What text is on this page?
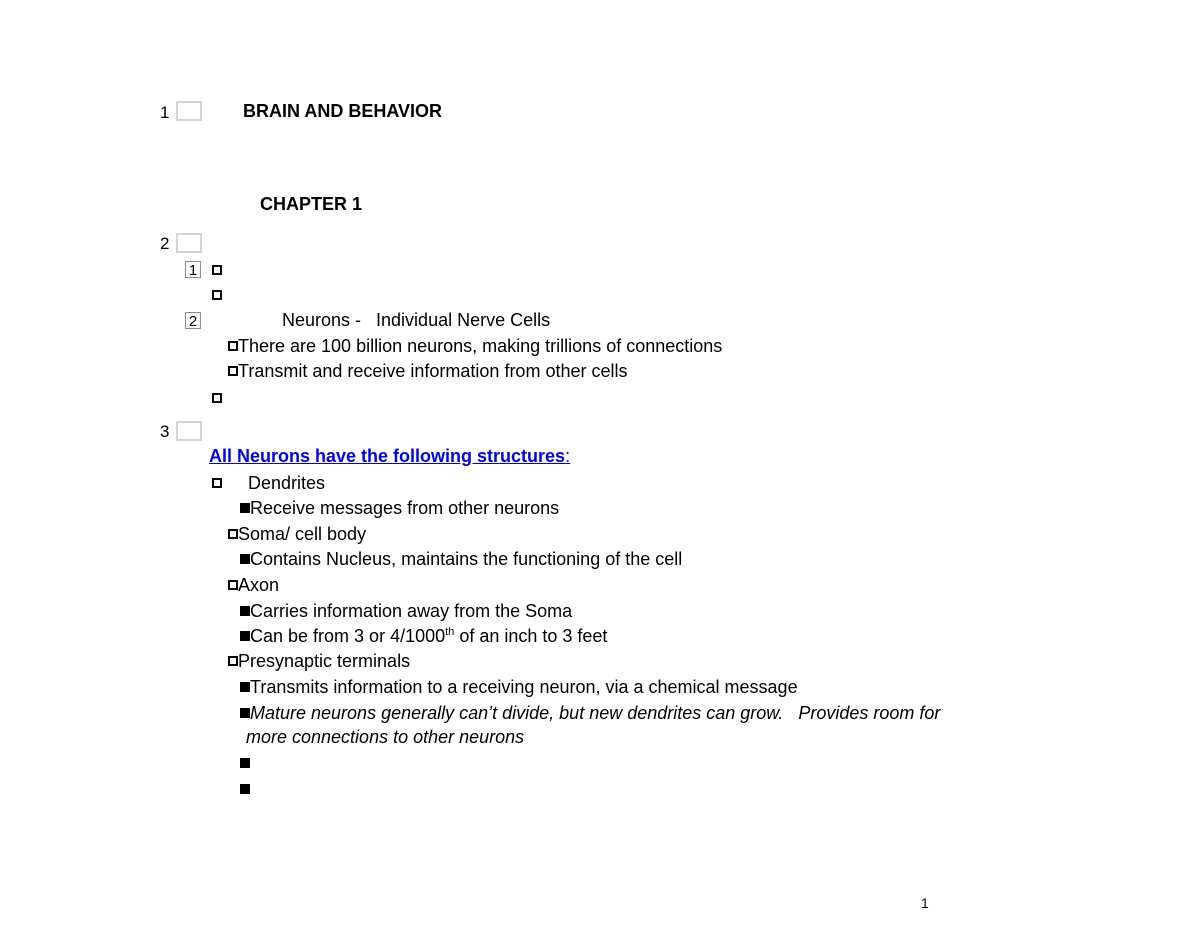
1	BRAIN AND BEHAVIOR
CHAPTER 1
2
1
2	Neurons -   Individual Nerve Cells
There are 100 billion neurons, making trillions of connections
Transmit and receive information from other cells
3
All Neurons have the following structures:
Dendrites
Receive messages from other neurons
Soma/ cell body
Contains Nucleus, maintains the functioning of the cell
Axon
Carries information away from the Soma
Can be from 3 or 4/1000th of an inch to 3 feet
Presynaptic terminals
Transmits information to a receiving neuron, via a chemical message
Mature neurons generally can’t divide, but new dendrites can grow.   Provides room for
more connections to other neurons
1
